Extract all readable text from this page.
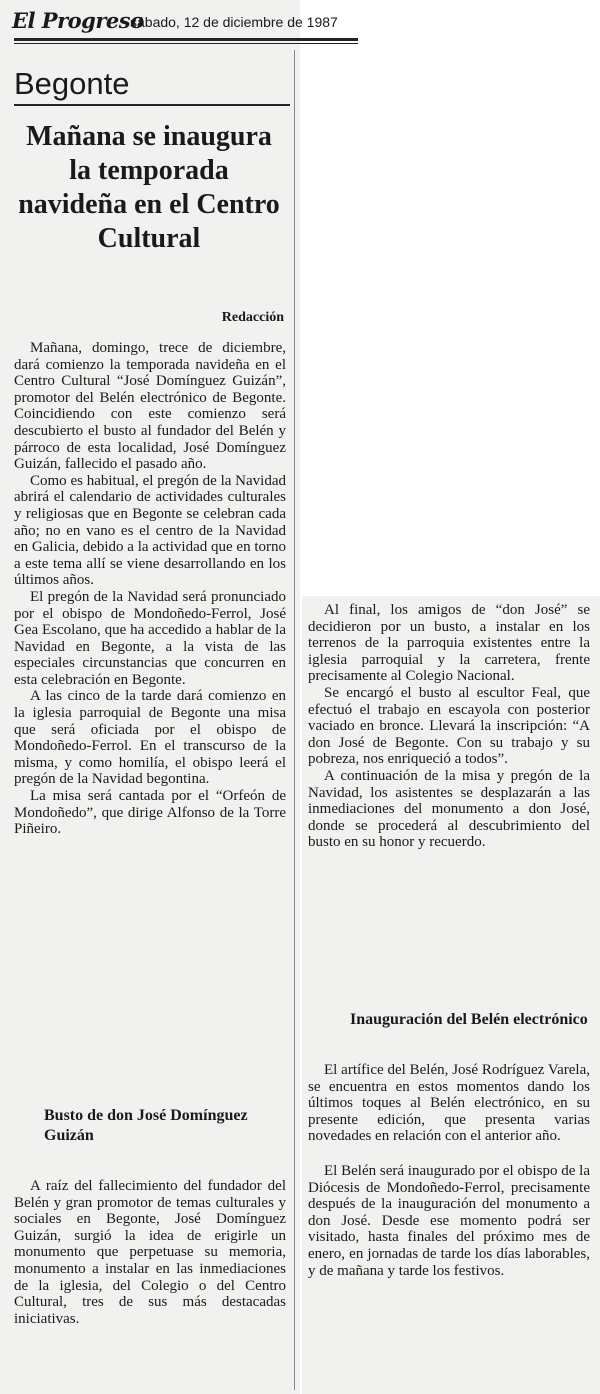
El Progreso
sábado, 12 de diciembre de 1987
Begonte
Mañana se inaugura la temporada navideña en el Centro Cultural
Redacción

Mañana, domingo, trece de diciembre, dará comienzo la temporada navideña en el Centro Cultural “José Domínguez Guizán”, promotor del Belén electrónico de Begonte. Coincidiendo con este comienzo será descubierto el busto al fundador del Belén y párroco de esta localidad, José Domínguez Guizán, fallecido el pasado año.

Como es habitual, el pregón de la Navidad abrirá el calendario de actividades culturales y religiosas que en Begonte se celebran cada año; no en vano es el centro de la Navidad en Galicia, debido a la actividad que en torno a este tema allí se viene desarrollando en los últimos años.

El pregón de la Navidad será pronunciado por el obispo de Mondoñedo-Ferrol, José Gea Escolano, que ha accedido a hablar de la Navidad en Begonte, a la vista de las especiales circunstancias que concurren en esta celebración en Begonte.

A las cinco de la tarde dará comienzo en la iglesia parroquial de Begonte una misa que será oficiada por el obispo de Mondoñedo-Ferrol. En el transcurso de la misma, y como homilía, el obispo leerá el pregón de la Navidad begontina.

La misa será cantada por el “Orfeón de Mondoñedo”, que dirige Alfonso de la Torre Piñeiro.

Busto de don José Domínguez Guizán

A raíz del fallecimiento del fundador del Belén y gran promotor de temas culturales y sociales en Begonte, José Domínguez Guizán, surgió la idea de erigirle un monumento que perpetuase su memoria, monumento a instalar en las inmediaciones de la iglesia, del Colegio o del Centro Cultural, tres de sus más destacadas iniciativas.

Al final, los amigos de “don José” se decidieron por un busto, a instalar en los terrenos de la parroquia existentes entre la iglesia parroquial y la carretera, frente precisamente al Colegio Nacional.

Se encargó el busto al escultor Feal, que efectuó el trabajo en escayola con posterior vaciado en bronce. Llevará la inscripción: “A don José de Begonte. Con su trabajo y su pobreza, nos enriqueció a todos”.

A continuación de la misa y pregón de la Navidad, los asistentes se desplazarán a las inmediaciones del monumento a don José, donde se procederá al descubrimiento del busto en su honor y recuerdo.

Inauguración del Belén electrónico

El artífice del Belén, José Rodríguez Varela, se encuentra en estos momentos dando los últimos toques al Belén electrónico, en su presente edición, que presenta varias novedades en relación con el anterior año.

El Belén será inaugurado por el obispo de la Diócesis de Mondoñedo-Ferrol, precisamente después de la inauguración del monumento a don José. Desde ese momento podrá ser visitado, hasta finales del próximo mes de enero, en jornadas de tarde los días laborables, y de mañana y tarde los festivos.
